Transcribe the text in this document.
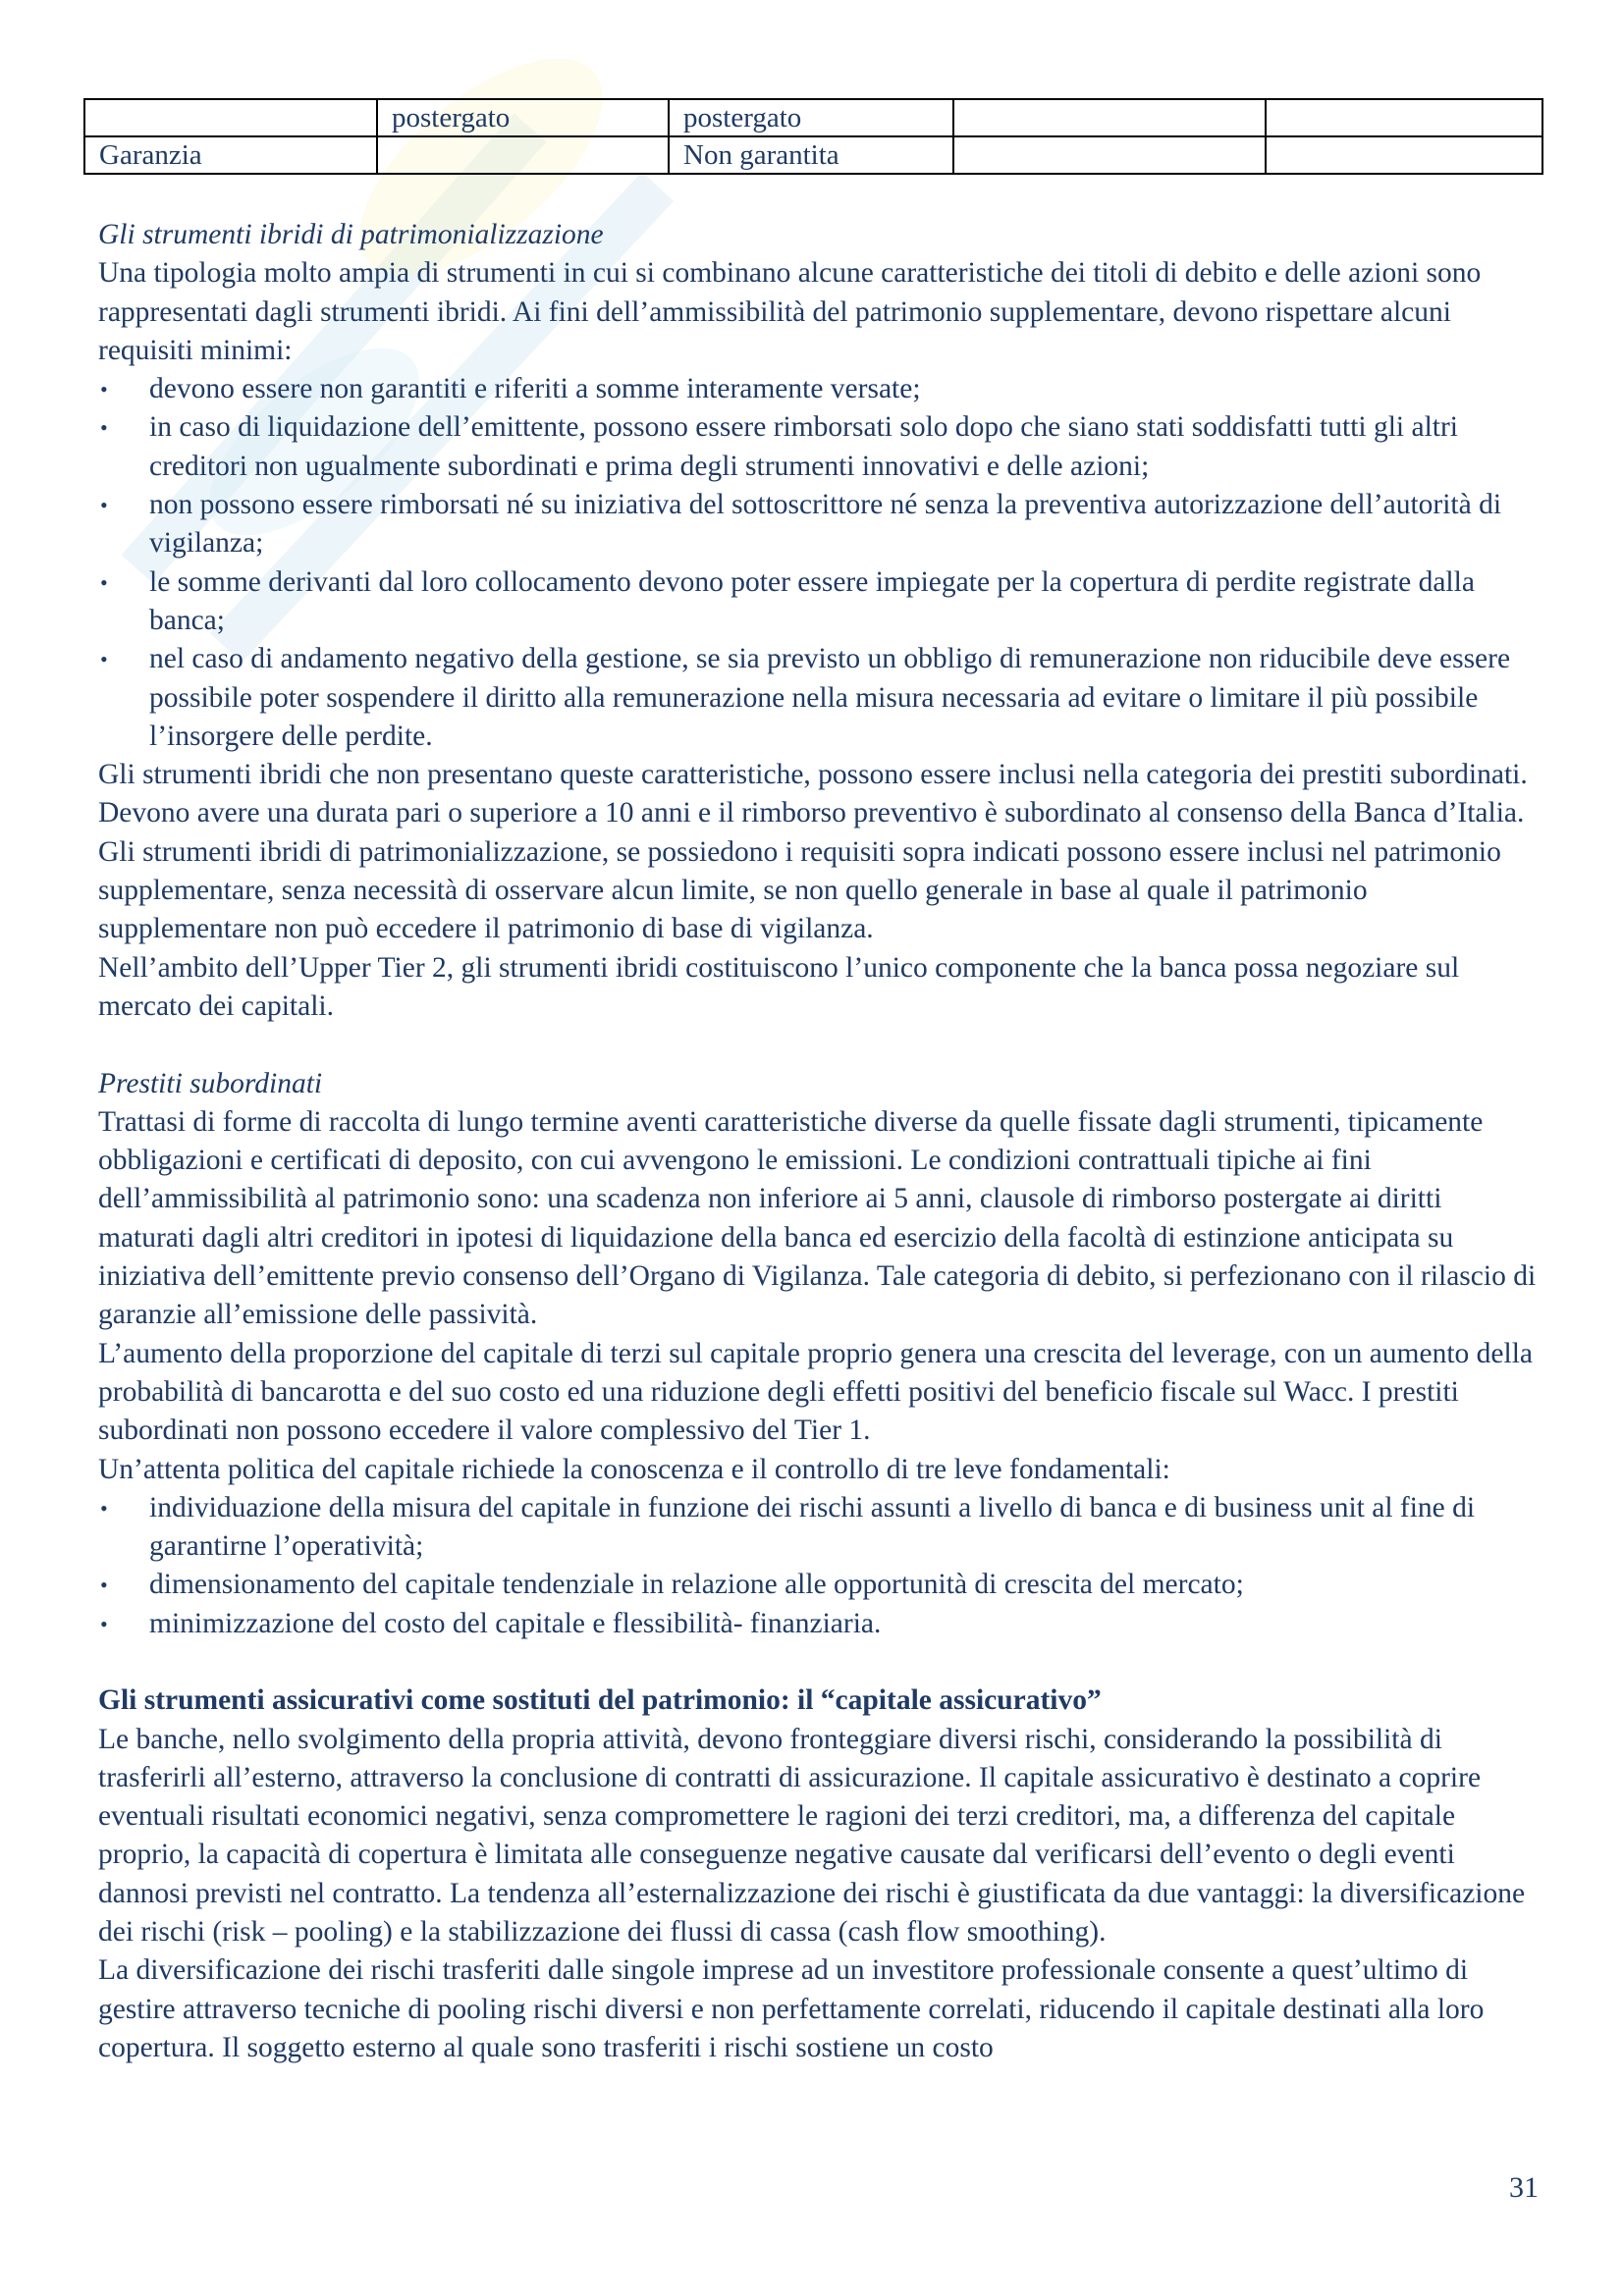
	postergato	postergato		
Garanzia		Non garantita		

Gli strumenti ibridi di patrimonializzazione

Una tipologia molto ampia di strumenti in cui si combinano alcune caratteristiche dei titoli di debito e delle azioni sono rappresentati dagli strumenti ibridi. Ai fini dell’ammissibilità del patrimonio supplementare, devono rispettare alcuni requisiti minimi:

• devono essere non garantiti e riferiti a somme interamente versate;
• in caso di liquidazione dell’emittente, possono essere rimborsati solo dopo che siano stati soddisfatti tutti gli altri creditori non ugualmente subordinati e prima degli strumenti innovativi e delle azioni;
• non possono essere rimborsati né su iniziativa del sottoscrittore né senza la preventiva autorizzazione dell’autorità di vigilanza;
• le somme derivanti dal loro collocamento devono poter essere impiegate per la copertura di perdite registrate dalla banca;
• nel caso di andamento negativo della gestione, se sia previsto un obbligo di remunerazione non riducibile deve essere possibile poter sospendere il diritto alla remunerazione nella misura necessaria ad evitare o limitare il più possibile l’insorgere delle perdite.

Gli strumenti ibridi che non presentano queste caratteristiche, possono essere inclusi nella categoria dei prestiti subordinati. Devono avere una durata pari o superiore a 10 anni e il rimborso preventivo è subordinato al consenso della Banca d’Italia. Gli strumenti ibridi di patrimonializzazione, se possiedono i requisiti sopra indicati possono essere inclusi nel patrimonio supplementare, senza necessità di osservare alcun limite, se non quello generale in base al quale il patrimonio supplementare non può eccedere il patrimonio di base di vigilanza.

Nell’ambito dell’Upper Tier 2, gli strumenti ibridi costituiscono l’unico componente che la banca possa negoziare sul mercato dei capitali.

Prestiti subordinati

Trattasi di forme di raccolta di lungo termine aventi caratteristiche diverse da quelle fissate dagli strumenti, tipicamente obbligazioni e certificati di deposito, con cui avvengono le emissioni. Le condizioni contrattuali tipiche ai fini dell’ammissibilità al patrimonio sono: una scadenza non inferiore ai 5 anni, clausole di rimborso postergate ai diritti maturati dagli altri creditori in ipotesi di liquidazione della banca ed esercizio della facoltà di estinzione anticipata su iniziativa dell’emittente previo consenso dell’Organo di Vigilanza. Tale categoria di debito, si perfezionano con il rilascio di garanzie all’emissione delle passività.

L’aumento della proporzione del capitale di terzi sul capitale proprio genera una crescita del leverage, con un aumento della probabilità di bancarotta e del suo costo ed una riduzione degli effetti positivi del beneficio fiscale sul Wacc. I prestiti subordinati non possono eccedere il valore complessivo del Tier 1.

Un’attenta politica del capitale richiede la conoscenza e il controllo di tre leve fondamentali:

• individuazione della misura del capitale in funzione dei rischi assunti a livello di banca e di business unit al fine di garantirne l’operatività;
• dimensionamento del capitale tendenziale in relazione alle opportunità di crescita del mercato;
• minimizzazione del costo del capitale e flessibilità- finanziaria.

Gli strumenti assicurativi come sostituti del patrimonio: il “capitale assicurativo”

Le banche, nello svolgimento della propria attività, devono fronteggiare diversi rischi, considerando la possibilità di trasferirli all’esterno, attraverso la conclusione di contratti di assicurazione. Il capitale assicurativo è destinato a coprire eventuali risultati economici negativi, senza compromettere le ragioni dei terzi creditori, ma, a differenza del capitale proprio, la capacità di copertura è limitata alle conseguenze negative causate dal verificarsi dell’evento o degli eventi dannosi previsti nel contratto. La tendenza all’esternalizzazione dei rischi è giustificata da due vantaggi: la diversificazione dei rischi (risk – pooling) e la stabilizzazione dei flussi di cassa (cash flow smoothing).

La diversificazione dei rischi trasferiti dalle singole imprese ad un investitore professionale consente a quest’ultimo di gestire attraverso tecniche di pooling rischi diversi e non perfettamente correlati, riducendo il capitale destinati alla loro copertura. Il soggetto esterno al quale sono trasferiti i rischi sostiene un costo

31
